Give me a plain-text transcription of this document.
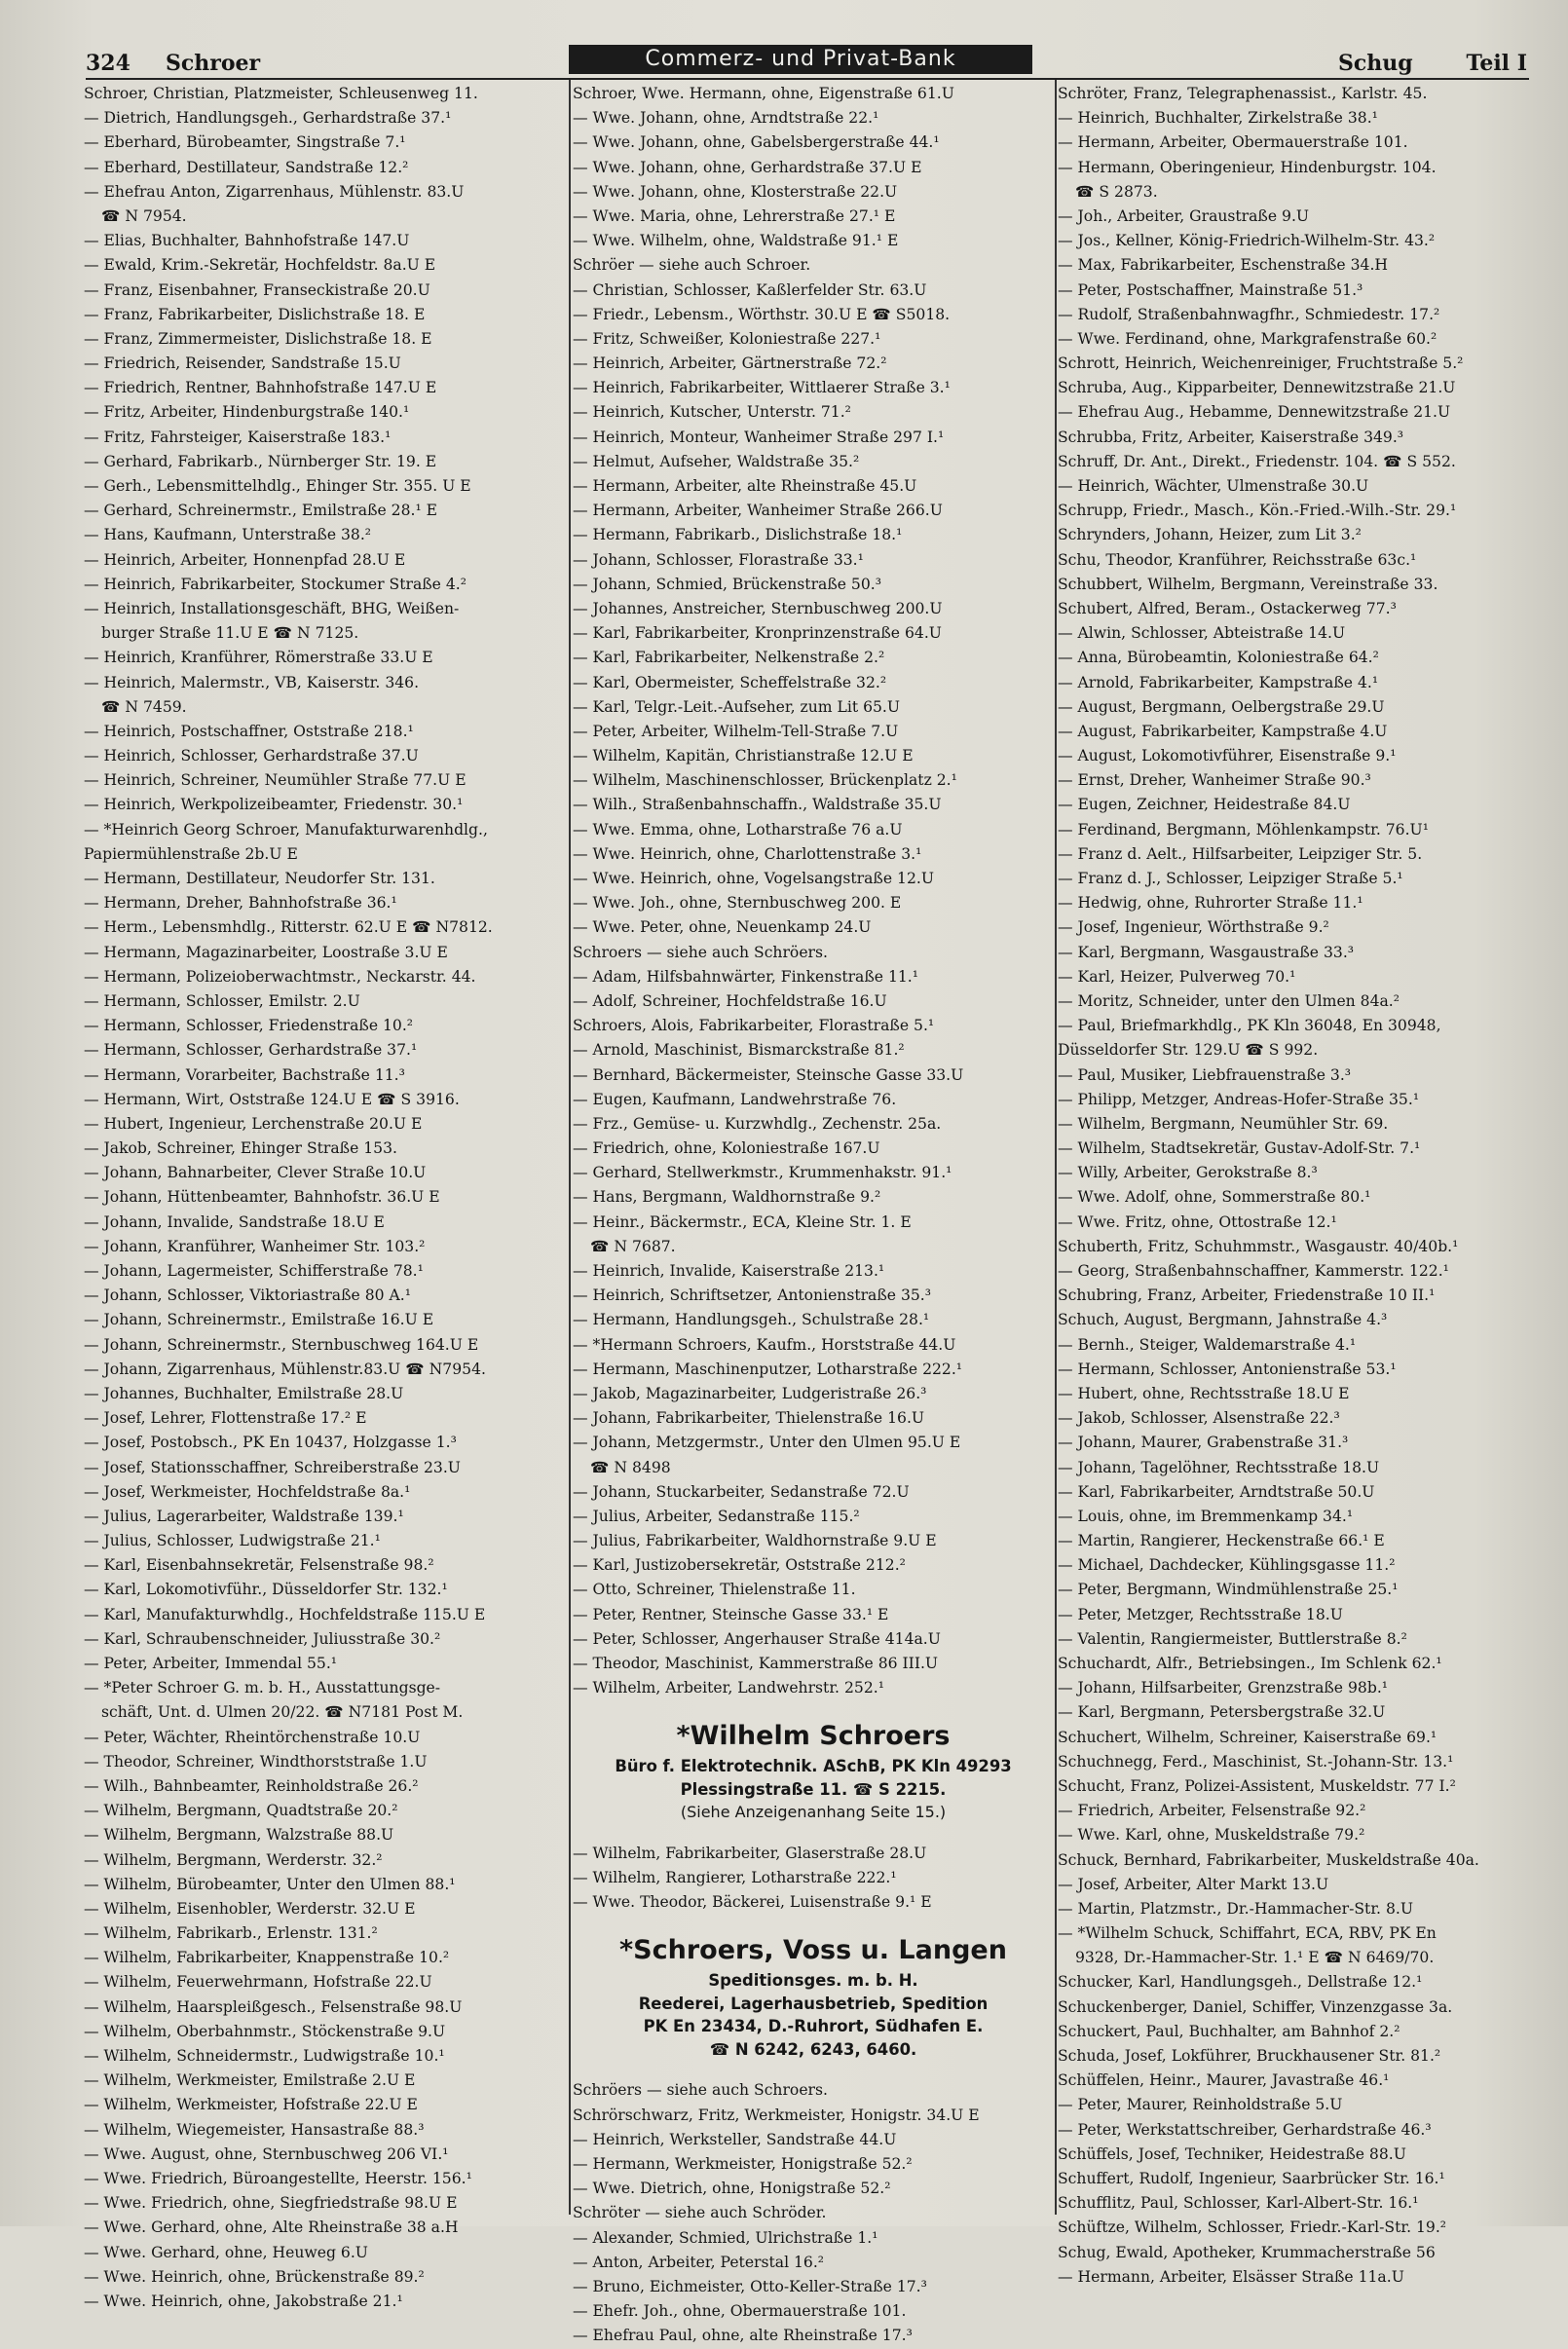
324 Schroer	Commerz- und Privat-Bank	Schug Teil I
Schroer, Christian, Platzmeister, Schleusenweg 11.
— Dietrich, Handlungsgeh., Gerhardstraße 37.¹
— Eberhard, Bürobeamter, Singstraße 7.¹
— Eberhard, Destillateur, Sandstraße 12.²
— Ehefrau Anton, Zigarrenhaus, Mühlenstr. 83.U
☎ N 7954.
— Elias, Buchhalter, Bahnhofstraße 147.U
— Ewald, Krim.-Sekretär, Hochfeldstr. 8a.U E
— Franz, Eisenbahner, Franseckistraße 20.U
— Franz, Fabrikarbeiter, Dislichstraße 18. E
— Franz, Zimmermeister, Dislichstraße 18. E
— Friedrich, Reisender, Sandstraße 15.U
— Friedrich, Rentner, Bahnhofstraße 147.U E
— Fritz, Arbeiter, Hindenburgstraße 140.¹
— Fritz, Fahrsteiger, Kaiserstraße 183.¹
— Gerhard, Fabrikarb., Nürnberger Str. 19. E
— Gerh., Lebensmittelhdlg., Ehinger Str. 355. U E
— Gerhard, Schreinermstr., Emilstraße 28.¹ E
— Hans, Kaufmann, Unterstraße 38.²
— Heinrich, Arbeiter, Honnenpfad 28.U E
— Heinrich, Fabrikarbeiter, Stockumer Straße 4.²
— Heinrich, Installationsgeschäft, BHG, Weißen-
burger Straße 11.U E ☎ N 7125.
— Heinrich, Kranführer, Römerstraße 33.U E
— Heinrich, Malermstr., VB, Kaiserstr. 346.
☎ N 7459.
— Heinrich, Postschaffner, Oststraße 218.¹
— Heinrich, Schlosser, Gerhardstraße 37.U
— Heinrich, Schreiner, Neumühler Straße 77.U E
— Heinrich, Werkpolizeibeamter, Friedenstr. 30.¹
— *Heinrich Georg Schroer, Manufakturwarenhdlg.,
Papiermühlenstraße 2b.U E
— Hermann, Destillateur, Neudorfer Str. 131.
— Hermann, Dreher, Bahnhofstraße 36.¹
— Herm., Lebensmhdlg., Ritterstr. 62.U E ☎ N7812.
— Hermann, Magazinarbeiter, Loostraße 3.U E
— Hermann, Polizeioberwachtmstr., Neckarstr. 44.
— Hermann, Schlosser, Emilstr. 2.U
— Hermann, Schlosser, Friedenstraße 10.²
— Hermann, Schlosser, Gerhardstraße 37.¹
— Hermann, Vorarbeiter, Bachstraße 11.³
— Hermann, Wirt, Oststraße 124.U E ☎ S 3916.
— Hubert, Ingenieur, Lerchenstraße 20.U E
— Jakob, Schreiner, Ehinger Straße 153.
— Johann, Bahnarbeiter, Clever Straße 10.U
— Johann, Hüttenbeamter, Bahnhofstr. 36.U E
— Johann, Invalide, Sandstraße 18.U E
— Johann, Kranführer, Wanheimer Str. 103.²
— Johann, Lagermeister, Schifferstraße 78.¹
— Johann, Schlosser, Viktoriastraße 80 A.¹
— Johann, Schreinermstr., Emilstraße 16.U E
— Johann, Schreinermstr., Sternbuschweg 164.U E
— Johann, Zigarrenhaus, Mühlenstr.83.U ☎ N7954.
— Johannes, Buchhalter, Emilstraße 28.U
— Josef, Lehrer, Flottenstraße 17.² E
— Josef, Postobsch., PK En 10437, Holzgasse 1.³
— Josef, Stationsschaffner, Schreiberstraße 23.U
— Josef, Werkmeister, Hochfeldstraße 8a.¹
— Julius, Lagerarbeiter, Waldstraße 139.¹
— Julius, Schlosser, Ludwigstraße 21.¹
— Karl, Eisenbahnsekretär, Felsenstraße 98.²
— Karl, Lokomotivführ., Düsseldorfer Str. 132.¹
— Karl, Manufakturwhdlg., Hochfeldstraße 115.U E
— Karl, Schraubenschneider, Juliusstraße 30.²
— Peter, Arbeiter, Immendal 55.¹
— *Peter Schroer G. m. b. H., Ausstattungsge-
schäft, Unt. d. Ulmen 20/22. ☎ N7181 Post M.
— Peter, Wächter, Rheintörchenstraße 10.U
— Theodor, Schreiner, Windthorststraße 1.U
— Wilh., Bahnbeamter, Reinholdstraße 26.²
— Wilhelm, Bergmann, Quadtstraße 20.²
— Wilhelm, Bergmann, Walzstraße 88.U
— Wilhelm, Bergmann, Werderstr. 32.²
— Wilhelm, Bürobeamter, Unter den Ulmen 88.¹
— Wilhelm, Eisenhobler, Werderstr. 32.U E
— Wilhelm, Fabrikarb., Erlenstr. 131.²
— Wilhelm, Fabrikarbeiter, Knappenstraße 10.²
— Wilhelm, Feuerwehrmann, Hofstraße 22.U
— Wilhelm, Haarspleißgesch., Felsenstraße 98.U
— Wilhelm, Oberbahnmstr., Stöckenstraße 9.U
— Wilhelm, Schneidermstr., Ludwigstraße 10.¹
— Wilhelm, Werkmeister, Emilstraße 2.U E
— Wilhelm, Werkmeister, Hofstraße 22.U E
— Wilhelm, Wiegemeister, Hansastraße 88.³
— Wwe. August, ohne, Sternbuschweg 206 VI.¹
— Wwe. Friedrich, Büroangestellte, Heerstr. 156.¹
— Wwe. Friedrich, ohne, Siegfriedstraße 98.U E
— Wwe. Gerhard, ohne, Alte Rheinstraße 38 a.H
— Wwe. Gerhard, ohne, Heuweg 6.U
— Wwe. Heinrich, ohne, Brückenstraße 89.²
— Wwe. Heinrich, ohne, Jakobstraße 21.¹
Schroer, Wwe. Hermann, ohne, Eigenstraße 61.U
— Wwe. Johann, ohne, Arndtstraße 22.¹
— Wwe. Johann, ohne, Gabelsbergerstraße 44.¹
— Wwe. Johann, ohne, Gerhardstraße 37.U E
— Wwe. Johann, ohne, Klosterstraße 22.U
— Wwe. Maria, ohne, Lehrerstraße 27.¹ E
— Wwe. Wilhelm, ohne, Waldstraße 91.¹ E
Schröer — siehe auch Schroer.
— Christian, Schlosser, Kaßlerfelder Str. 63.U
— Friedr., Lebensm., Wörthstr. 30.U E ☎ S5018.
— Fritz, Schweißer, Koloniestraße 227.¹
— Heinrich, Arbeiter, Gärtnerstraße 72.²
— Heinrich, Fabrikarbeiter, Wittlaerer Straße 3.¹
— Heinrich, Kutscher, Unterstr. 71.²
— Heinrich, Monteur, Wanheimer Straße 297 I.¹
— Helmut, Aufseher, Waldstraße 35.²
— Hermann, Arbeiter, alte Rheinstraße 45.U
— Hermann, Arbeiter, Wanheimer Straße 266.U
— Hermann, Fabrikarb., Dislichstraße 18.¹
— Johann, Schlosser, Florastraße 33.¹
— Johann, Schmied, Brückenstraße 50.³
— Johannes, Anstreicher, Sternbuschweg 200.U
— Karl, Fabrikarbeiter, Kronprinzenstraße 64.U
— Karl, Fabrikarbeiter, Nelkenstraße 2.²
— Karl, Obermeister, Scheffelstraße 32.²
— Karl, Telgr.-Leit.-Aufseher, zum Lit 65.U
— Peter, Arbeiter, Wilhelm-Tell-Straße 7.U
— Wilhelm, Kapitän, Christianstraße 12.U E
— Wilhelm, Maschinenschlosser, Brückenplatz 2.¹
— Wilh., Straßenbahnschaffn., Waldstraße 35.U
— Wwe. Emma, ohne, Lotharstraße 76 a.U
— Wwe. Heinrich, ohne, Charlottenstraße 3.¹
— Wwe. Heinrich, ohne, Vogelsangstraße 12.U
— Wwe. Joh., ohne, Sternbuschweg 200. E
— Wwe. Peter, ohne, Neuenkamp 24.U
Schroers — siehe auch Schröers.
— Adam, Hilfsbahnwärter, Finkenstraße 11.¹
— Adolf, Schreiner, Hochfeldstraße 16.U
Schroers, Alois, Fabrikarbeiter, Florastraße 5.¹
— Arnold, Maschinist, Bismarckstraße 81.²
— Bernhard, Bäckermeister, Steinsche Gasse 33.U
— Eugen, Kaufmann, Landwehrstraße 76.
— Frz., Gemüse- u. Kurzwhdlg., Zechenstr. 25a.
— Friedrich, ohne, Koloniestraße 167.U
— Gerhard, Stellwerkmstr., Krummenhakstr. 91.¹
— Hans, Bergmann, Waldhornstraße 9.²
— Heinr., Bäckermstr., ECA, Kleine Str. 1. E
☎ N 7687.
— Heinrich, Invalide, Kaiserstraße 213.¹
— Heinrich, Schriftsetzer, Antonienstraße 35.³
— Hermann, Handlungsgeh., Schulstraße 28.¹
— *Hermann Schroers, Kaufm., Horststraße 44.U
— Hermann, Maschinenputzer, Lotharstraße 222.¹
— Jakob, Magazinarbeiter, Ludgeristraße 26.³
— Johann, Fabrikarbeiter, Thielenstraße 16.U
— Johann, Metzgermstr., Unter den Ulmen 95.U E
☎ N 8498
— Johann, Stuckarbeiter, Sedanstraße 72.U
— Julius, Arbeiter, Sedanstraße 115.²
— Julius, Fabrikarbeiter, Waldhornstraße 9.U E
— Karl, Justizobersekretär, Oststraße 212.²
— Otto, Schreiner, Thielenstraße 11.
— Peter, Rentner, Steinsche Gasse 33.¹ E
— Peter, Schlosser, Angerhauser Straße 414a.U
— Theodor, Maschinist, Kammerstraße 86 III.U
— Wilhelm, Arbeiter, Landwehrstr. 252.¹
*Wilhelm Schroers
Büro f. Elektrotechnik. ASchB, PK Kln 49293
Plessingstraße 11. ☎ S 2215.
(Siehe Anzeigenanhang Seite 15.)
— Wilhelm, Fabrikarbeiter, Glaserstraße 28.U
— Wilhelm, Rangierer, Lotharstraße 222.¹
— Wwe. Theodor, Bäckerei, Luisenstraße 9.¹ E
*Schroers, Voss u. Langen
Speditionsges. m. b. H.
Reederei, Lagerhausbetrieb, Spedition
PK En 23434, D.-Ruhrort, Südhafen E.
☎ N 6242, 6243, 6460.
Schröers — siehe auch Schroers.
Schrörschwarz, Fritz, Werkmeister, Honigstr. 34.U E
— Heinrich, Werksteller, Sandstraße 44.U
— Hermann, Werkmeister, Honigstraße 52.²
— Wwe. Dietrich, ohne, Honigstraße 52.²
Schröter — siehe auch Schröder.
— Alexander, Schmied, Ulrichstraße 1.¹
— Anton, Arbeiter, Peterstal 16.²
— Bruno, Eichmeister, Otto-Keller-Straße 17.³
— Ehefr. Joh., ohne, Obermauerstraße 101.
— Ehefrau Paul, ohne, alte Rheinstraße 17.³
Schröter, Franz, Telegraphenassist., Karlstr. 45.
— Heinrich, Buchhalter, Zirkelstraße 38.¹
— Hermann, Arbeiter, Obermauerstraße 101.
— Hermann, Oberingenieur, Hindenburgstr. 104.
☎ S 2873.
— Joh., Arbeiter, Graustraße 9.U
— Jos., Kellner, König-Friedrich-Wilhelm-Str. 43.²
— Max, Fabrikarbeiter, Eschenstraße 34.H
— Peter, Postschaffner, Mainstraße 51.³
— Rudolf, Straßenbahnwagfhr., Schmiedestr. 17.²
— Wwe. Ferdinand, ohne, Markgrafenstraße 60.²
Schrott, Heinrich, Weichenreiniger, Fruchtstraße 5.²
Schruba, Aug., Kipparbeiter, Dennewitzstraße 21.U
— Ehefrau Aug., Hebamme, Dennewitzstraße 21.U
Schrubba, Fritz, Arbeiter, Kaiserstraße 349.³
Schruff, Dr. Ant., Direkt., Friedenstr. 104. ☎ S 552.
— Heinrich, Wächter, Ulmenstraße 30.U
Schrupp, Friedr., Masch., Kön.-Fried.-Wilh.-Str. 29.¹
Schrynders, Johann, Heizer, zum Lit 3.²
Schu, Theodor, Kranführer, Reichsstraße 63c.¹
Schubbert, Wilhelm, Bergmann, Vereinstraße 33.
Schubert, Alfred, Beram., Ostackerweg 77.³
— Alwin, Schlosser, Abteistraße 14.U
— Anna, Bürobeamtin, Koloniestraße 64.²
— Arnold, Fabrikarbeiter, Kampstraße 4.¹
— August, Bergmann, Oelbergstraße 29.U
— August, Fabrikarbeiter, Kampstraße 4.U
— August, Lokomotivführer, Eisenstraße 9.¹
— Ernst, Dreher, Wanheimer Straße 90.³
— Eugen, Zeichner, Heidestraße 84.U
— Ferdinand, Bergmann, Möhlenkampstr. 76.U¹
— Franz d. Aelt., Hilfsarbeiter, Leipziger Str. 5.
— Franz d. J., Schlosser, Leipziger Straße 5.¹
— Hedwig, ohne, Ruhrorter Straße 11.¹
— Josef, Ingenieur, Wörthstraße 9.²
— Karl, Bergmann, Wasgaustraße 33.³
— Karl, Heizer, Pulverweg 70.¹
— Moritz, Schneider, unter den Ulmen 84a.²
— Paul, Briefmarkhdlg., PK Kln 36048, En 30948,
Düsseldorfer Str. 129.U ☎ S 992.
— Paul, Musiker, Liebfrauenstraße 3.³
— Philipp, Metzger, Andreas-Hofer-Straße 35.¹
— Wilhelm, Bergmann, Neumühler Str. 69.
— Wilhelm, Stadtsekretär, Gustav-Adolf-Str. 7.¹
— Willy, Arbeiter, Gerokstraße 8.³
— Wwe. Adolf, ohne, Sommerstraße 80.¹
— Wwe. Fritz, ohne, Ottostraße 12.¹
Schuberth, Fritz, Schuhmmstr., Wasgaustr. 40/40b.¹
— Georg, Straßenbahnschaffner, Kammerstr. 122.¹
Schubring, Franz, Arbeiter, Friedenstraße 10 II.¹
Schuch, August, Bergmann, Jahnstraße 4.³
— Bernh., Steiger, Waldemarstraße 4.¹
— Hermann, Schlosser, Antonienstraße 53.¹
— Hubert, ohne, Rechtsstraße 18.U E
— Jakob, Schlosser, Alsenstraße 22.³
— Johann, Maurer, Grabenstraße 31.³
— Johann, Tagelöhner, Rechtsstraße 18.U
— Karl, Fabrikarbeiter, Arndtstraße 50.U
— Louis, ohne, im Bremmenkamp 34.¹
— Martin, Rangierer, Heckenstraße 66.¹ E
— Michael, Dachdecker, Kühlingsgasse 11.²
— Peter, Bergmann, Windmühlenstraße 25.¹
— Peter, Metzger, Rechtsstraße 18.U
— Valentin, Rangiermeister, Buttlerstraße 8.²
Schuchardt, Alfr., Betriebsingen., Im Schlenk 62.¹
— Johann, Hilfsarbeiter, Grenzstraße 98b.¹
— Karl, Bergmann, Petersbergstraße 32.U
Schuchert, Wilhelm, Schreiner, Kaiserstraße 69.¹
Schuchnegg, Ferd., Maschinist, St.-Johann-Str. 13.¹
Schucht, Franz, Polizei-Assistent, Muskeldstr. 77 I.²
— Friedrich, Arbeiter, Felsenstraße 92.²
— Wwe. Karl, ohne, Muskeldstraße 79.²
Schuck, Bernhard, Fabrikarbeiter, Muskeldstraße 40a.
— Josef, Arbeiter, Alter Markt 13.U
— Martin, Platzmstr., Dr.-Hammacher-Str. 8.U
— *Wilhelm Schuck, Schiffahrt, ECA, RBV, PK En
9328, Dr.-Hammacher-Str. 1.¹ E ☎ N 6469/70.
Schucker, Karl, Handlungsgeh., Dellstraße 12.¹
Schuckenberger, Daniel, Schiffer, Vinzenzgasse 3a.
Schuckert, Paul, Buchhalter, am Bahnhof 2.²
Schuda, Josef, Lokführer, Bruckhausener Str. 81.²
Schüffelen, Heinr., Maurer, Javastraße 46.¹
— Peter, Maurer, Reinholdstraße 5.U
— Peter, Werkstattschreiber, Gerhardstraße 46.³
Schüffels, Josef, Techniker, Heidestraße 88.U
Schuffert, Rudolf, Ingenieur, Saarbrücker Str. 16.¹
Schufflitz, Paul, Schlosser, Karl-Albert-Str. 16.¹
Schüftze, Wilhelm, Schlosser, Friedr.-Karl-Str. 19.²
Schug, Ewald, Apotheker, Krummacherstraße 56
— Hermann, Arbeiter, Elsässer Straße 11a.U
